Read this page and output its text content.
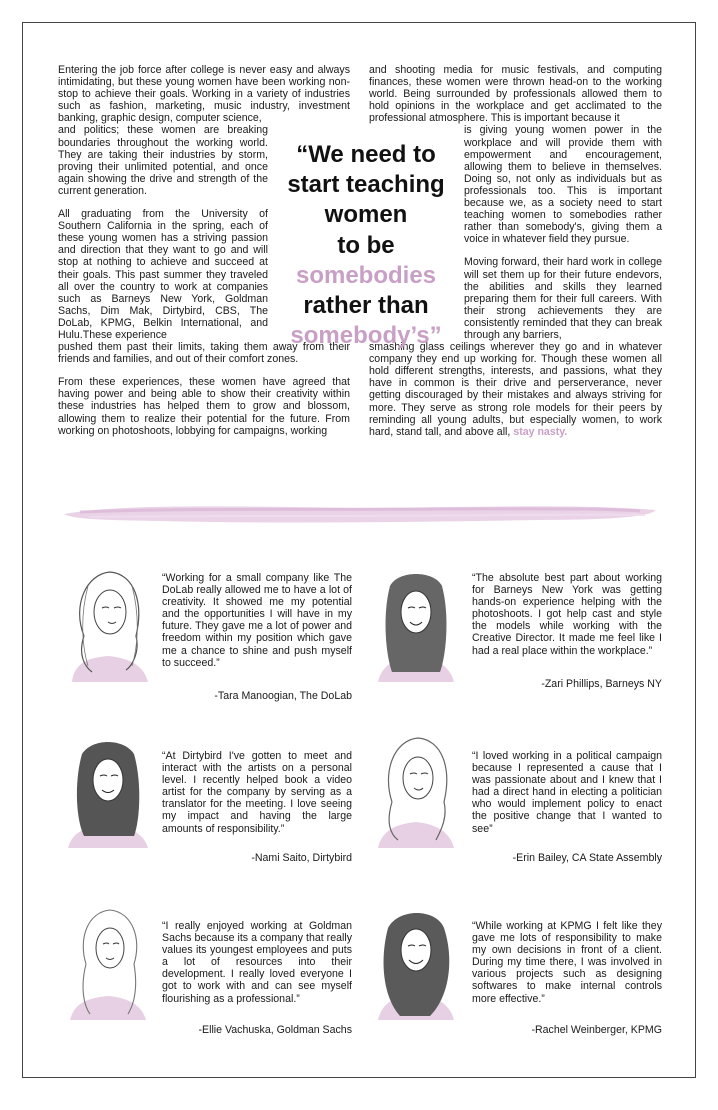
Entering the job force after college is never easy and always intimidating, but these young women have been working non-stop to achieve their goals. Working in a variety of industries such as fashion, marketing, music industry, investment banking, graphic design, computer science,

and politics; these women are breaking boundaries throughout the working world. They are taking their industries by storm, proving their unlimited potential, and once again showing the drive and strength of the current generation.

All graduating from the University of Southern California in the spring, each of these young women has a striving passion and direction that they want to go and will stop at nothing to achieve and succeed at their goals. This past summer they traveled all over the country to work at companies such as Barneys New York, Goldman Sachs, Dim Mak, Dirtybird, CBS, The DoLab, KPMG, Belkin International, and Hulu.These experience

pushed them past their limits, taking them away from their friends and families, and out of their comfort zones.

From these experiences, these women have agreed that having power and being able to show their creativity within these industries has helped them to grow and blossom, allowing them to realize their potential for the future. From working on photoshoots, lobbying for campaigns, working

and shooting media for music festivals, and computing finances, these women were thrown head-on to the working world. Being surrounded by professionals allowed them to hold opinions in the workplace and get acclimated to the professional atmosphere. This is important because it

is giving young women power in the workplace and will provide them with empowerment and encouragement, allowing them to believe in themselves. Doing so, not only as individuals but as professionals too. This is important because we, as a society need to start teaching women to somebodies rather rather than somebody's, giving them a voice in whatever field they pursue.

Moving forward, their hard work in college will set them up for their future endevors, the abilities and skills they learned preparing them for their full careers. With their strong achievements they are consistently reminded that they can break through any barriers,

smashing glass ceilings wherever they go and in whatever company they end up working for. Though these women all hold different strengths, interests, and passions, what they have in common is their drive and perserverance, never getting discouraged by their mistakes and always striving for more. They serve as strong role models for their peers by reminding all young adults, but especially women, to work hard, stand tall, and above all, stay nasty.

“We need to
start teaching
women
to be
somebodies
rather than
somebody’s”
“Working for a small company like The DoLab really allowed me to have a lot of creativity. It showed me my potential and the opportunities I will have in my future. They gave me a lot of power and freedom within my position which gave me a chance to shine and push myself to succeed.”
-Tara Manoogian, The DoLab
“The absolute best part about working for Barneys New York was getting hands-on experience helping with the photoshoots. I got help cast and style the models while working with the Creative Director. It made me feel like I had a real place within the workplace.”
-Zari Phillips, Barneys NY
“At Dirtybird I've gotten to meet and interact with the artists on a personal level. I recently helped book a video artist for the company by serving as a translator for the meeting. I love seeing my impact and having the large amounts of responsibility.”
-Nami Saito, Dirtybird
“I loved working in a political campaign because I represented a cause that I was passionate about and I knew that I had a direct hand in electing a politician who would implement policy to enact the positive change that I wanted to see”
-Erin Bailey, CA State Assembly
“I really enjoyed working at Goldman Sachs because its a company that really values its youngest employees and puts a lot of resources into their development. I really loved everyone I got to work with and can see myself flourishing as a professional.”
-Ellie Vachuska, Goldman Sachs
“While working at KPMG I felt like they gave me lots of responsibility to make my own decisions in front of a client. During my time there, I was involved in various projects such as designing softwares to make internal controls more effective.”
-Rachel Weinberger, KPMG
